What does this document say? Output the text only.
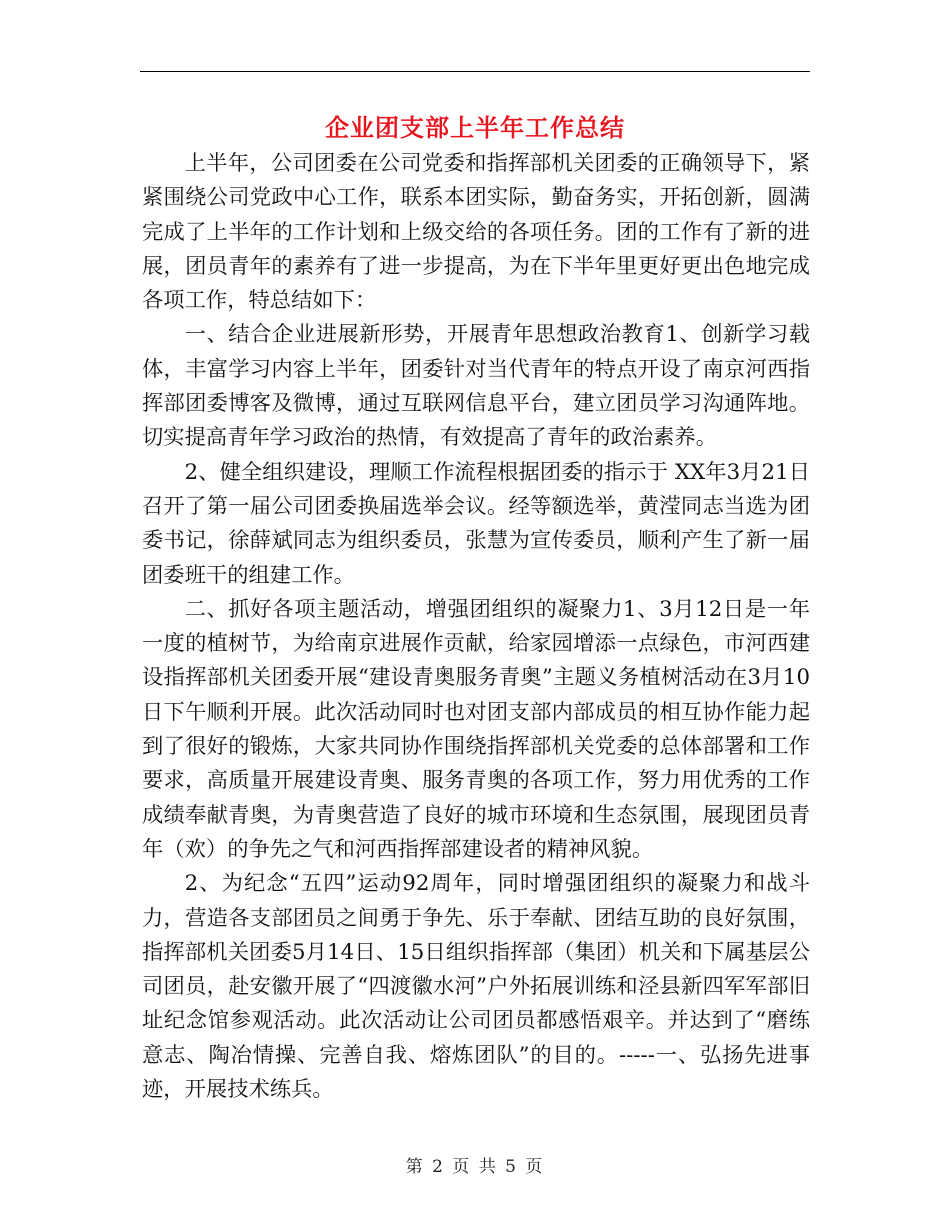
企业团支部上半年工作总结

上半年，公司团委在公司党委和指挥部机关团委的正确领导下，紧紧围绕公司党政中心工作，联系本团实际，勤奋务实，开拓创新，圆满完成了上半年的工作计划和上级交给的各项任务。团的工作有了新的进展，团员青年的素养有了进一步提高，为在下半年里更好更出色地完成各项工作，特总结如下：

一、结合企业进展新形势，开展青年思想政治教育1、创新学习载体，丰富学习内容上半年，团委针对当代青年的特点开设了南京河西指挥部团委博客及微博，通过互联网信息平台，建立团员学习沟通阵地。切实提高青年学习政治的热情，有效提高了青年的政治素养。

2、健全组织建设，理顺工作流程根据团委的指示于 XX年3月21日召开了第一届公司团委换届选举会议。经等额选举，黄滢同志当选为团委书记，徐薛斌同志为组织委员，张慧为宣传委员，顺利产生了新一届团委班干的组建工作。

二、抓好各项主题活动，增强团组织的凝聚力1、3月12日是一年一度的植树节，为给南京进展作贡献，给家园增添一点绿色，市河西建设指挥部机关团委开展“建设青奥服务青奥”主题义务植树活动在3月10日下午顺利开展。此次活动同时也对团支部内部成员的相互协作能力起到了很好的锻炼，大家共同协作围绕指挥部机关党委的总体部署和工作要求，高质量开展建设青奥、服务青奥的各项工作，努力用优秀的工作成绩奉献青奥，为青奥营造了良好的城市环境和生态氛围，展现团员青年（欢）的争先之气和河西指挥部建设者的精神风貌。

2、为纪念“五四”运动92周年，同时增强团组织的凝聚力和战斗力，营造各支部团员之间勇于争先、乐于奉献、团结互助的良好氛围，指挥部机关团委5月14日、15日组织指挥部（集团）机关和下属基层公司团员，赴安徽开展了“四渡徽水河”户外拓展训练和泾县新四军军部旧址纪念馆参观活动。此次活动让公司团员都感悟艰辛。并达到了“磨练意志、陶冶情操、完善自我、熔炼团队”的目的。-----一、弘扬先进事迹，开展技术练兵。

第 2 页 共 5 页
